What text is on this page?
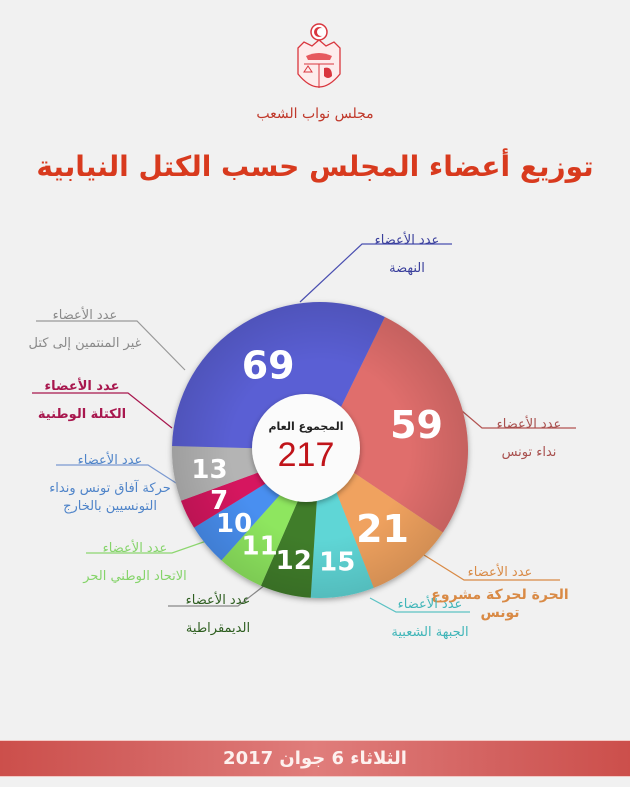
مجلس نواب الشعب
توزيع أعضاء المجلس حسب الكتل النيابية
59
21
15
12
11
10
7
13
69
المجموع العام
217
عدد الأعضاء
النهضة
عدد الأعضاء
نداء تونس
عدد الأعضاء
الحرة لحركة مشروع تونس
عدد الأعضاء
الجبهة الشعبية
عدد الأعضاء
الديمقراطية
عدد الأعضاء
الاتحاد الوطني الحر
عدد الأعضاء
حركة آفاق تونس ونداء التونسيين بالخارج
عدد الأعضاء
الكتلة الوطنية
عدد الأعضاء
غير المنتمين إلى كتل
الثلاثاء 6 جوان 2017
